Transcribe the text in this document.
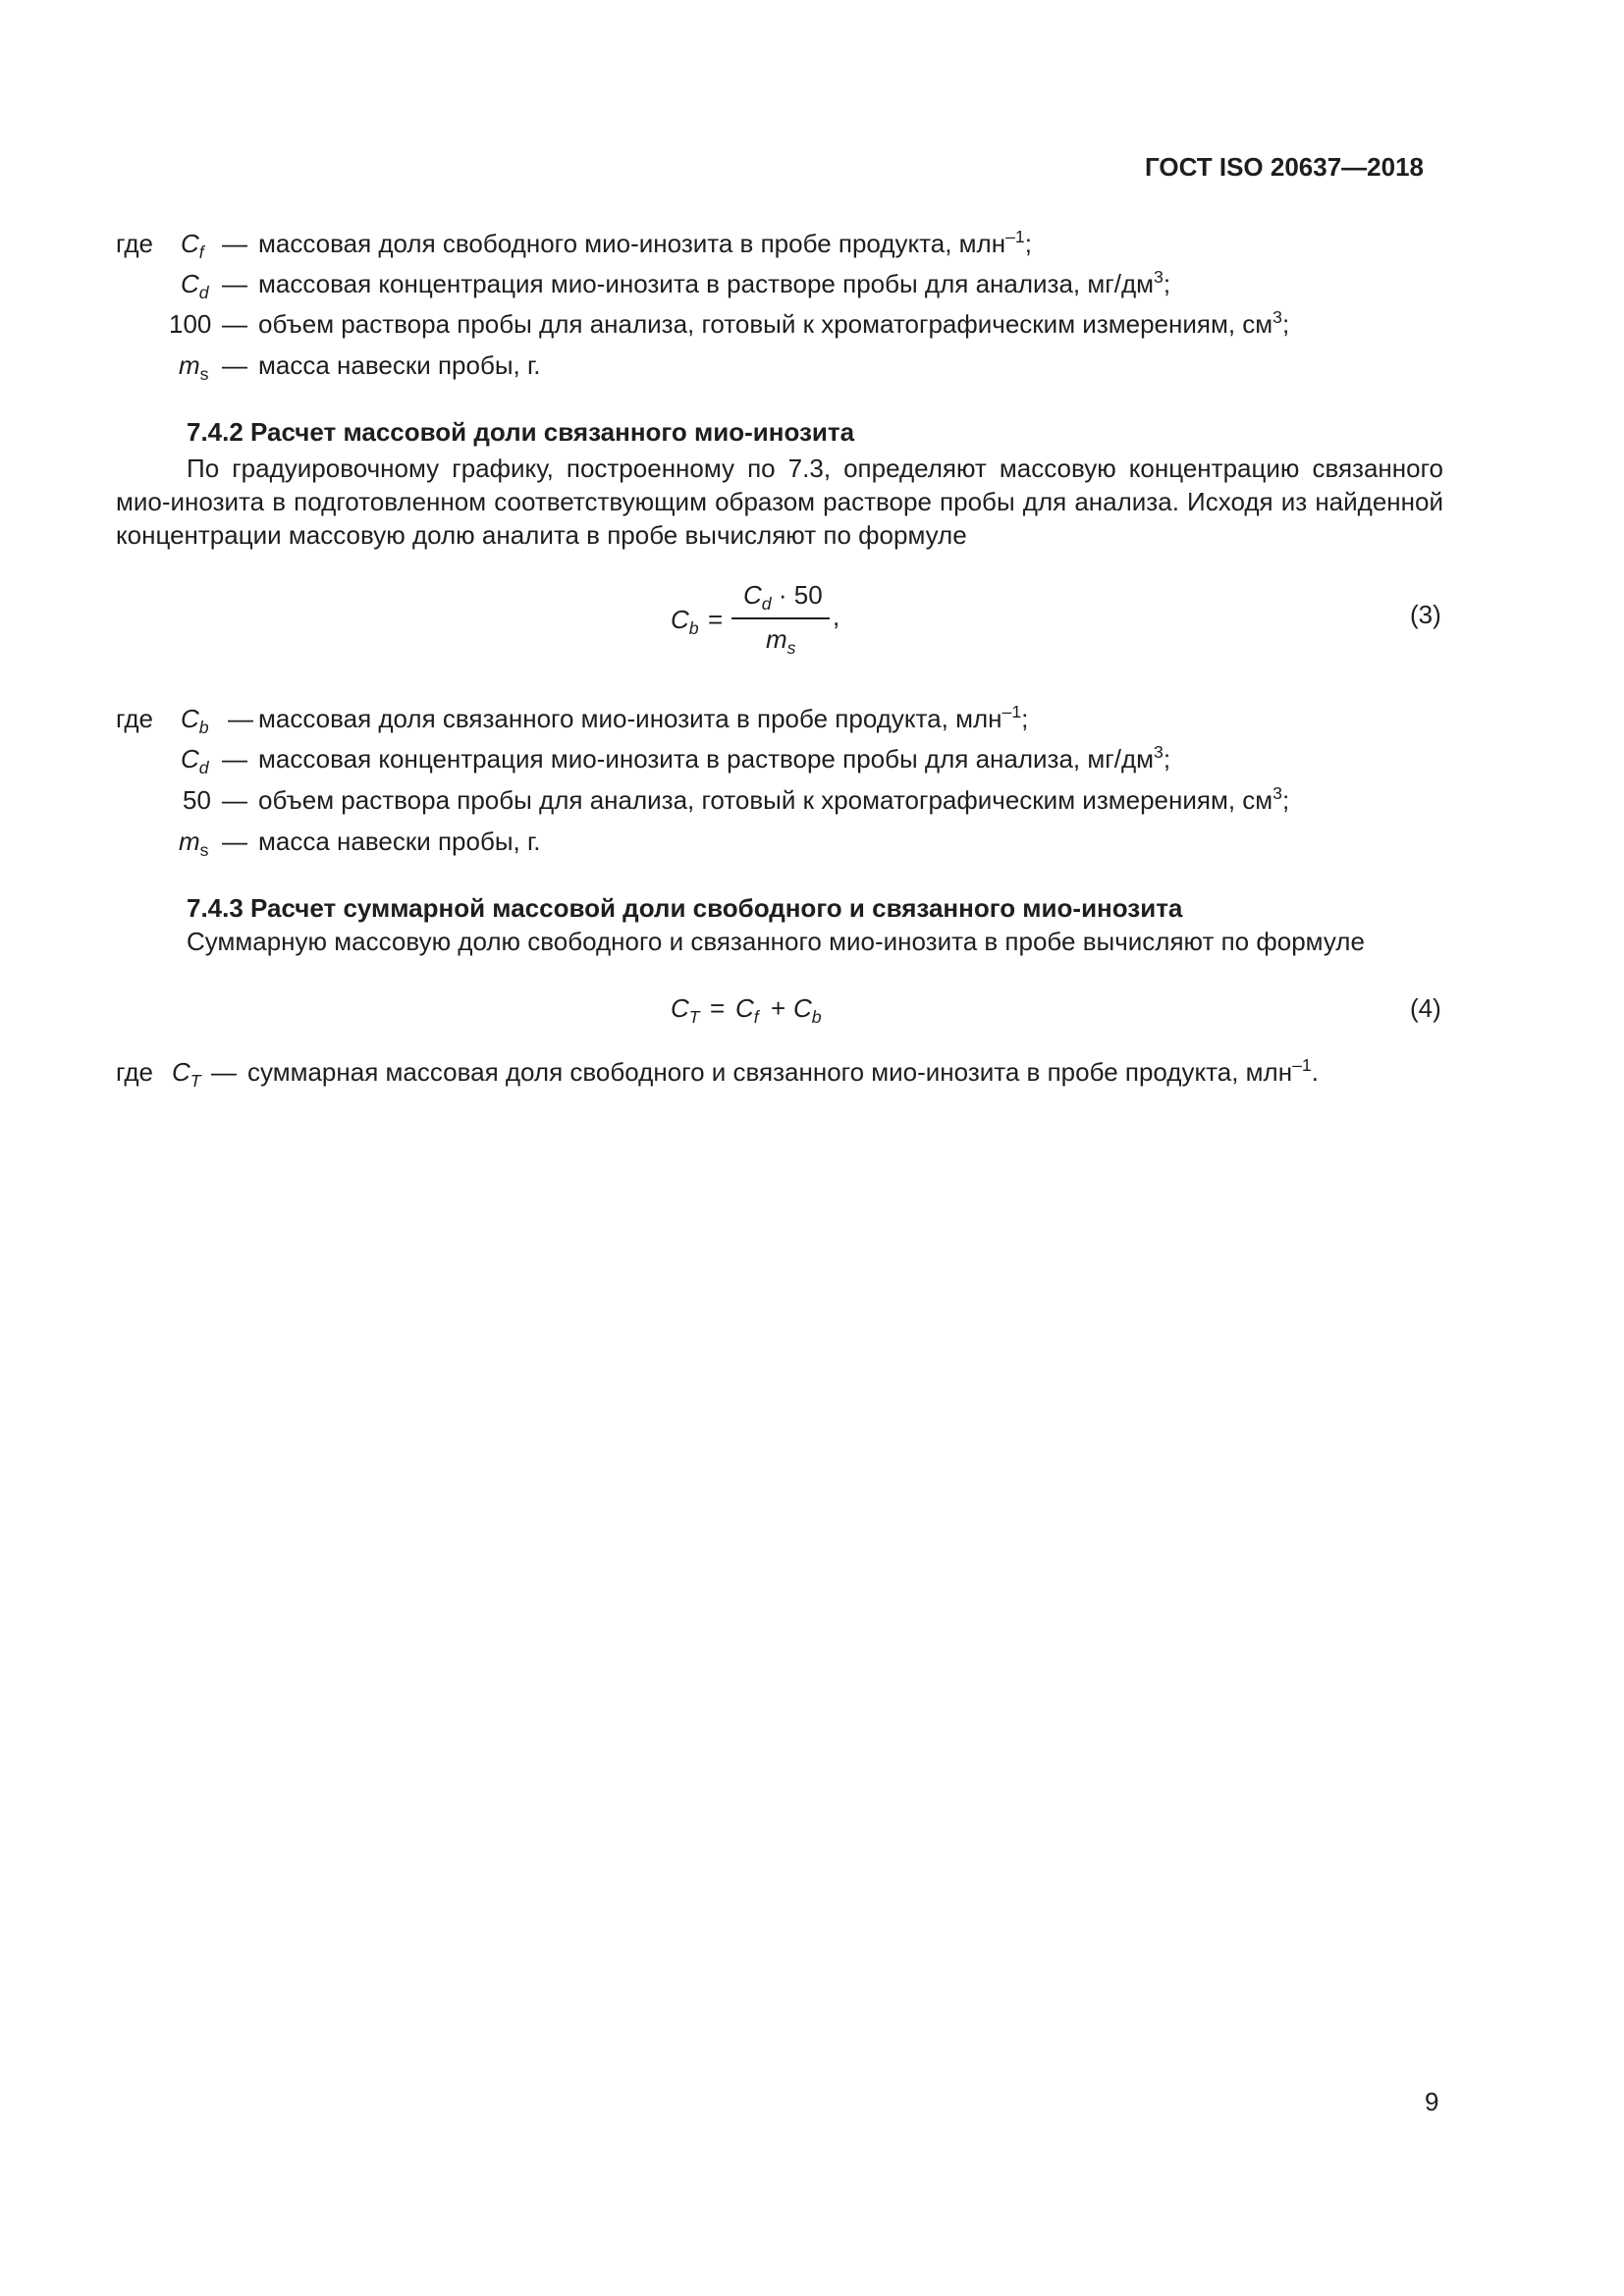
ГОСТ ISO 20637—2018
где $C_f$
$C_d$ — массовая концентрация мио-инозита в растворе пробы для анализа, $мг/дм^3$;
100 — объем раствора пробы для анализа, готовый к хроматографическим измерениям, $см^3$;
$m_s$ — масса навески пробы, г.
7.4.2 Расчет массовой доли связанного мио-инозита
По градуировочному графику, построенному по 7.3, определяют массовую концентрацию связанного мио-инозита в подготовленном соответствующим образом растворе пробы для анализа. Исходя из найденной концентрации массовую долю аналита в пробе вычисляют по формуле
$C_b$ =
$C_d \cdot 50$
$m_s$
,	(3)
где $C_b$ — массовая доля связанного мио-инозита в пробе продукта, млн$^{-1}$;
$C_d$ — массовая концентрация мио-инозита в растворе пробы для анализа, $мг/дм^3$;
50 — объем раствора пробы для анализа, готовый к хроматографическим измерениям, $см^3$;
$m_s$ — масса навески пробы, г.
7.4.3 Расчет суммарной массовой доли свободного и связанного мио-инозита
Суммарную массовую долю свободного и связанного мио-инозита в пробе вычисляют по формуле
$C_T = C_f + C_b$	(4)
где $C_T$ — суммарная массовая доля свободного и связанного мио-инозита в пробе продукта, млн$^{-1}$.
9
— массовая доля свободного мио-инозита в пробе продукта, млн$^{-1}$;
